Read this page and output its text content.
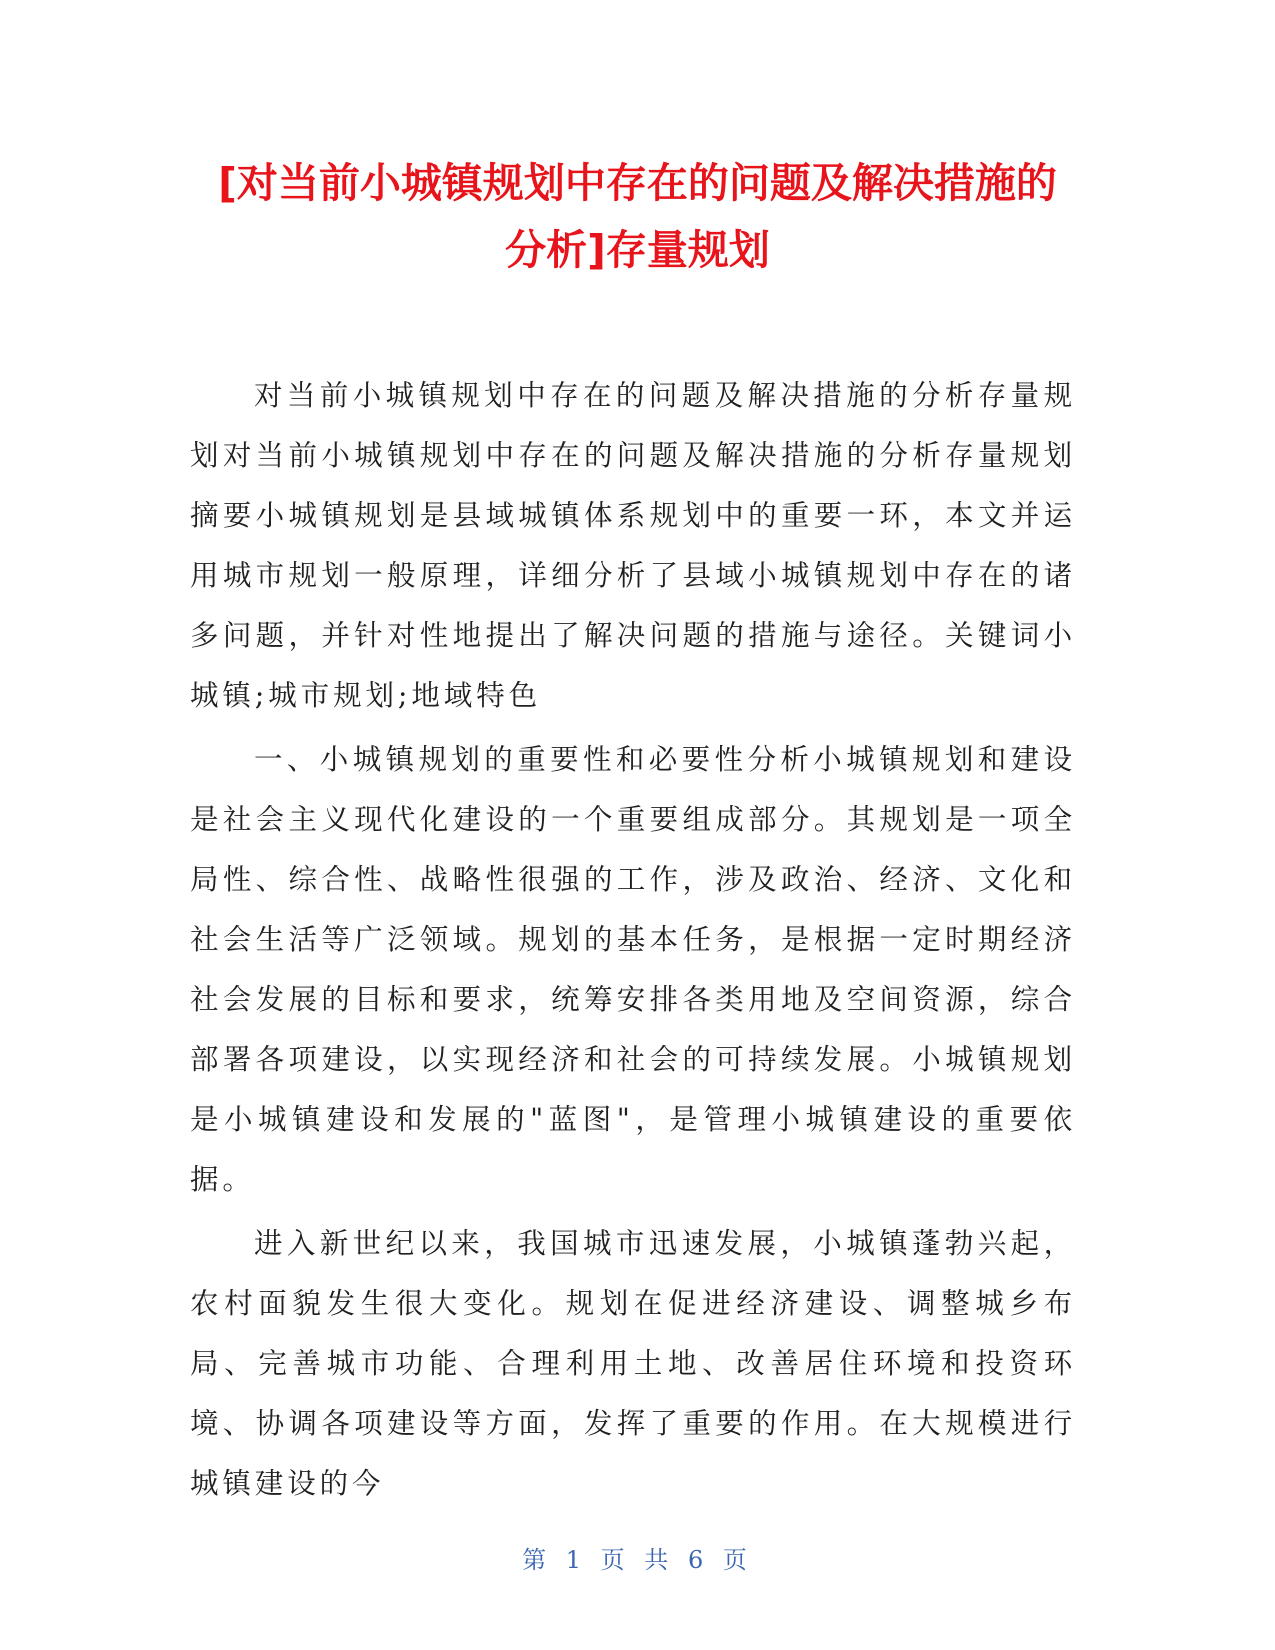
[对当前小城镇规划中存在的问题及解决措施的
分析]存量规划

对当前小城镇规划中存在的问题及解决措施的分析存量规划对当前小城镇规划中存在的问题及解决措施的分析存量规划摘要小城镇规划是县域城镇体系规划中的重要一环，本文并运用城市规划一般原理，详细分析了县域小城镇规划中存在的诸多问题，并针对性地提出了解决问题的措施与途径。关键词小城镇;城市规划;地域特色

一、小城镇规划的重要性和必要性分析小城镇规划和建设是社会主义现代化建设的一个重要组成部分。其规划是一项全局性、综合性、战略性很强的工作，涉及政治、经济、文化和社会生活等广泛领域。规划的基本任务，是根据一定时期经济社会发展的目标和要求，统筹安排各类用地及空间资源，综合部署各项建设，以实现经济和社会的可持续发展。小城镇规划是小城镇建设和发展的"蓝图"，是管理小城镇建设的重要依据。

进入新世纪以来，我国城市迅速发展，小城镇蓬勃兴起，农村面貌发生很大变化。规划在促进经济建设、调整城乡布局、完善城市功能、合理利用土地、改善居住环境和投资环境、协调各项建设等方面，发挥了重要的作用。在大规模进行城镇建设的今

第 1 页 共 6 页
